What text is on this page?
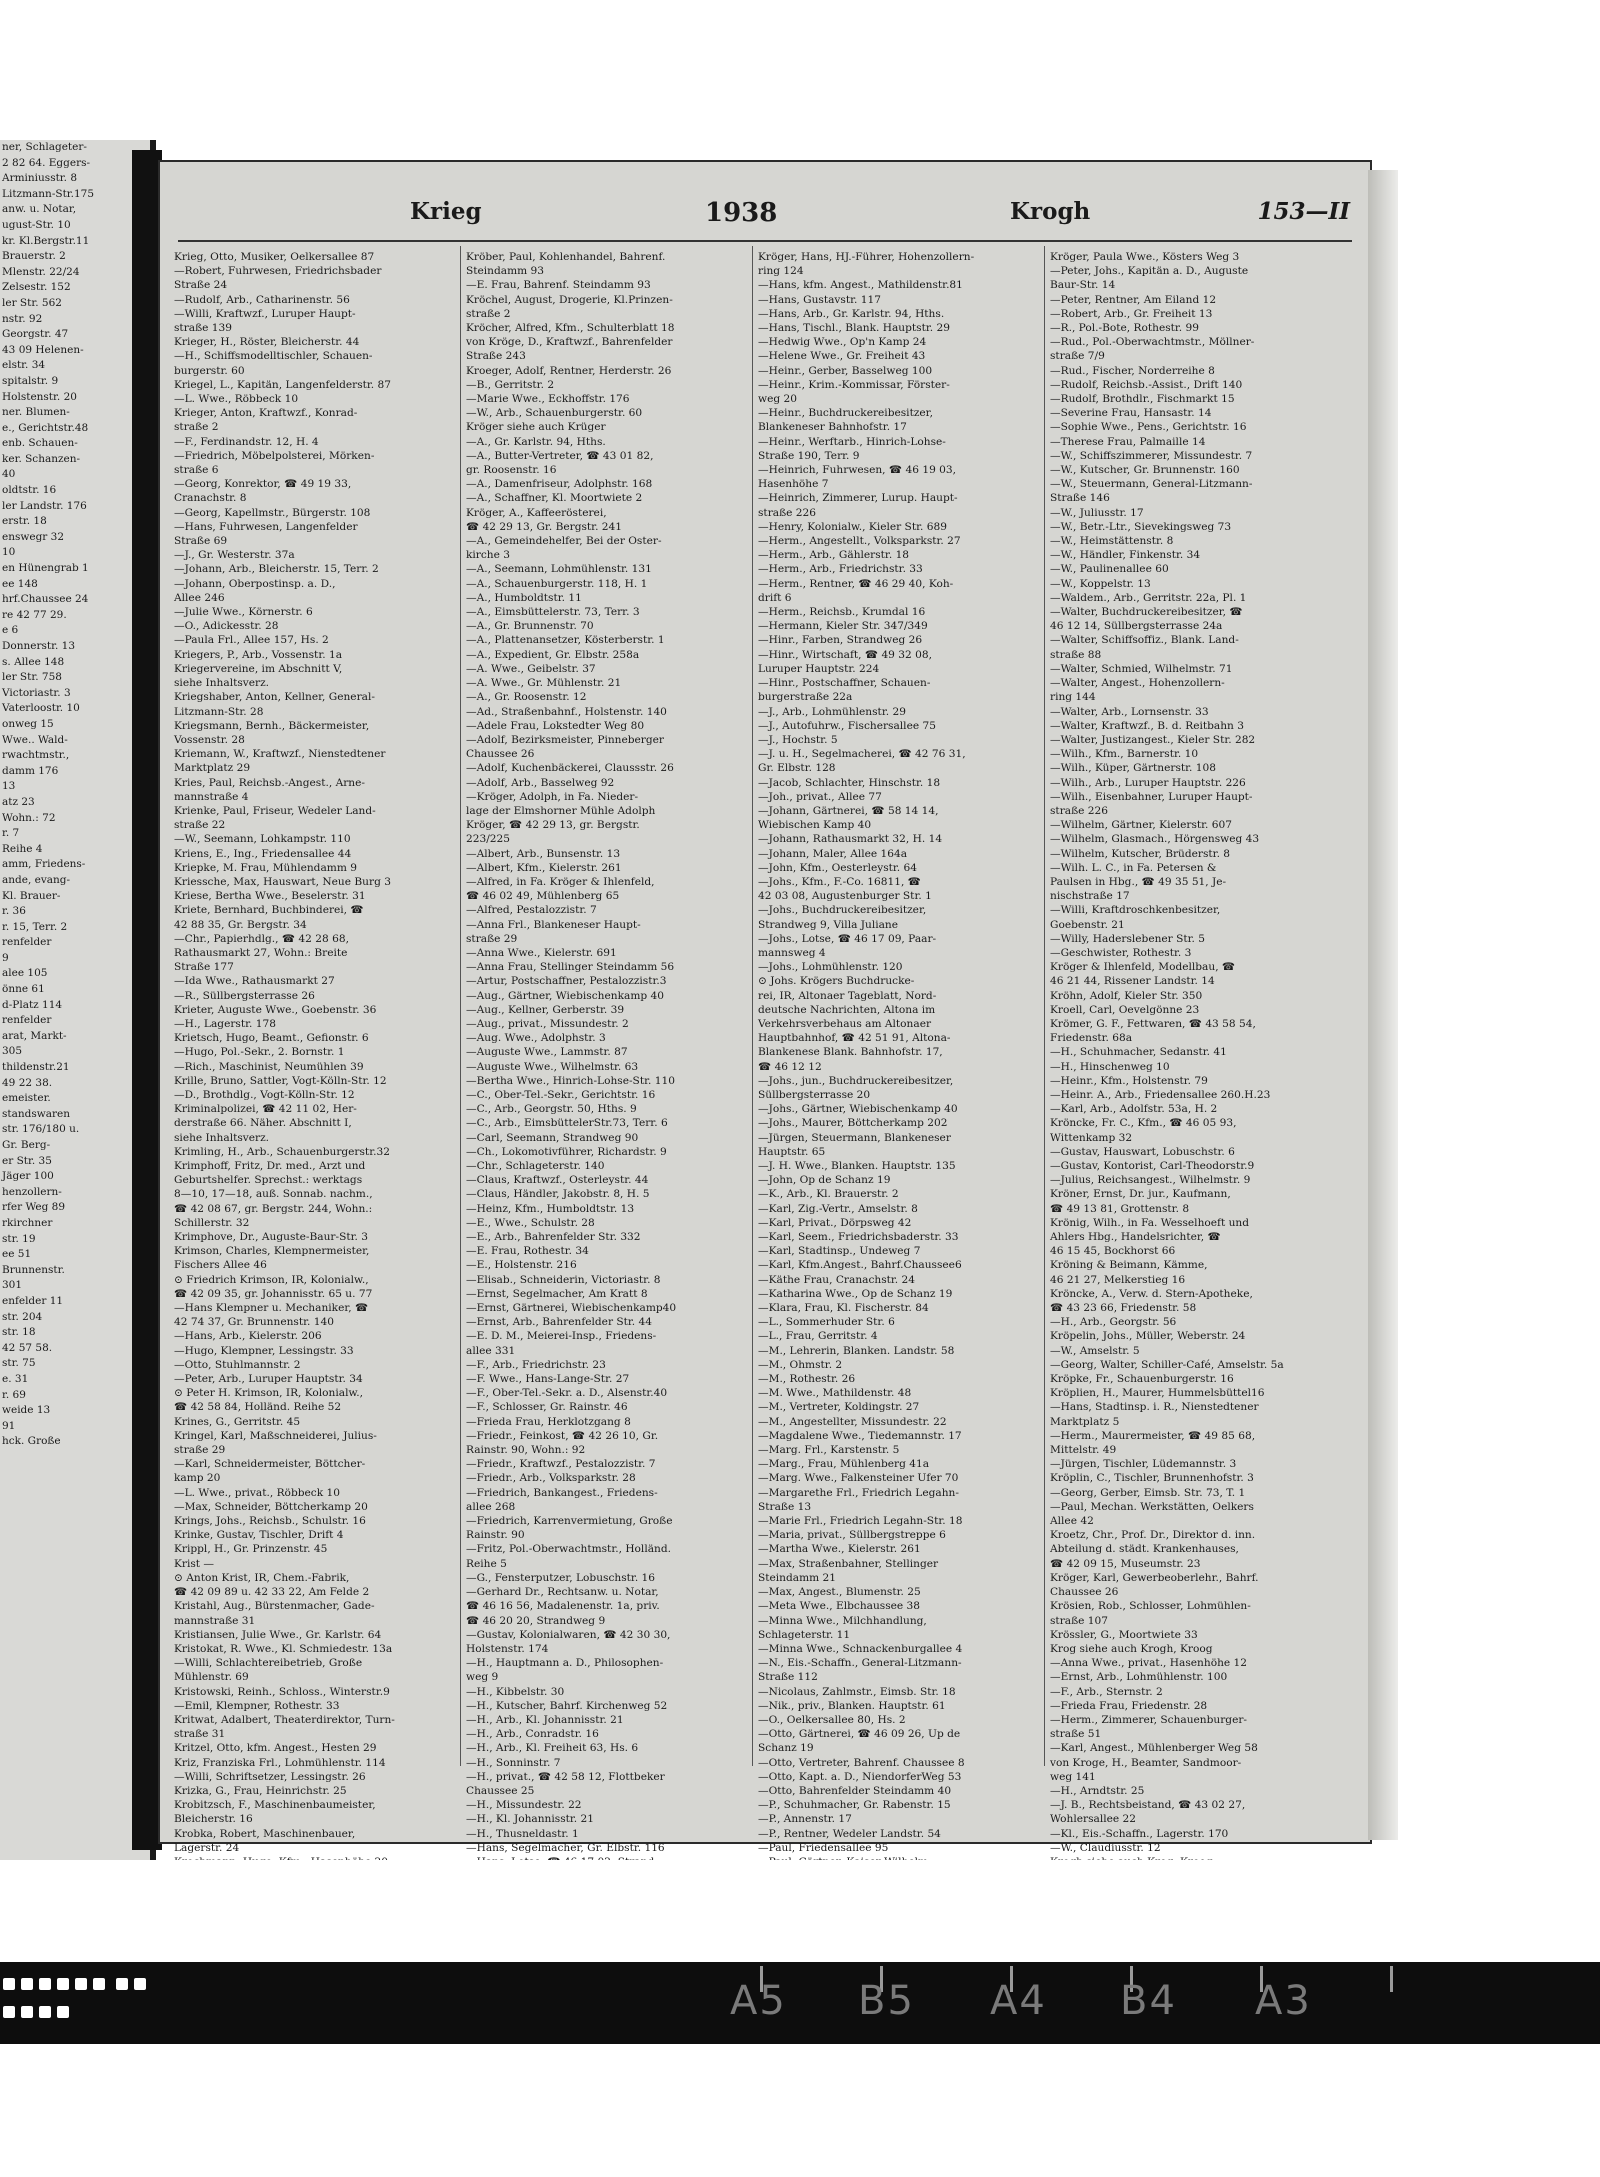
ner, Schlageter-
2 82 64. Eggers-
Arminiusstr. 8
Litzmann-Str.175
anw. u. Notar,
ugust-Str. 10
kr. Kl.Bergstr.11
Brauerstr. 2
Mlenstr. 22/24
Zelsestr. 152
ler Str. 562
nstr. 92
Georgstr. 47
43 09 Helenen-
elstr. 34
spitalstr. 9
Holstenstr. 20
ner. Blumen-
e., Gerichtstr.48
enb. Schauen-
ker. Schanzen-
40
oldtstr. 16
ler Landstr. 176
erstr. 18
enswegr 32
10
en Hünengrab 1
ee 148
hrf.Chaussee 24
re 42 77 29.
e 6
Donnerstr. 13
s. Allee 148
ler Str. 758
Victoriastr. 3
Vaterloostr. 10
onweg 15
Wwe.. Wald-
rwachtmstr.,
damm 176
13
atz 23
Wohn.: 72
r. 7
Reihe 4
amm, Friedens-
ande, evang-
Kl. Brauer-
r. 36
r. 15, Terr. 2
renfelder
9
alee 105
önne 61
d-Platz 114
renfelder
arat, Markt-
305
thildenstr.21
49 22 38.
emeister.
standswaren
str. 176/180 u.
Gr. Berg-
er Str. 35
Jäger 100
henzollern-
rfer Weg 89
rkirchner
str. 19
ee 51
Brunnenstr.
301
enfelder 11
str. 204
str. 18
42 57 58.
str. 75
e. 31
r. 69
weide 13
91
hck. Große
Krieg	1938	Krogh	153—II
Krieg, Otto, Musiker, Oelkersallee 87
—Robert, Fuhrwesen, Friedrichsbader
Straße 24
—Rudolf, Arb., Catharinenstr. 56
—Willi, Kraftwzf., Luruper Haupt-
straße 139
Krieger, H., Röster, Bleicherstr. 44
—H., Schiffsmodelltischler, Schauen-
burgerstr. 60
Kriegel, L., Kapitän, Langenfelderstr. 87
—L. Wwe., Röbbeck 10
Krieger, Anton, Kraftwzf., Konrad-
straße 2
—F., Ferdinandstr. 12, H. 4
—Friedrich, Möbelpolsterei, Mörken-
straße 6
—Georg, Konrektor, ☎ 49 19 33,
Cranachstr. 8
—Georg, Kapellmstr., Bürgerstr. 108
—Hans, Fuhrwesen, Langenfelder
Straße 69
—J., Gr. Westerstr. 37a
—Johann, Arb., Bleicherstr. 15, Terr. 2
—Johann, Oberpostinsp. a. D.,
Allee 246
—Julie Wwe., Körnerstr. 6
—O., Adickesstr. 28
—Paula Frl., Allee 157, Hs. 2
Kriegers, P., Arb., Vossenstr. 1a
Kriegervereine, im Abschnitt V,
siehe Inhaltsverz.
Kriegshaber, Anton, Kellner, General-
Litzmann-Str. 28
Kriegsmann, Bernh., Bäckermeister,
Vossenstr. 28
Kriemann, W., Kraftwzf., Nienstedtener
Marktplatz 29
Kries, Paul, Reichsb.-Angest., Arne-
mannstraße 4
Krienke, Paul, Friseur, Wedeler Land-
straße 22
—W., Seemann, Lohkampstr. 110
Kriens, E., Ing., Friedensallee 44
Kriepke, M. Frau, Mühlendamm 9
Kriessche, Max, Hauswart, Neue Burg 3
Kriese, Bertha Wwe., Beselerstr. 31
Kriete, Bernhard, Buchbinderei, ☎
42 88 35, Gr. Bergstr. 34
—Chr., Papierhdlg., ☎ 42 28 68,
Rathausmarkt 27, Wohn.: Breite
Straße 177
—Ida Wwe., Rathausmarkt 27
—R., Süllbergsterrasse 26
Krieter, Auguste Wwe., Goebenstr. 36
—H., Lagerstr. 178
Krietsch, Hugo, Beamt., Gefionstr. 6
—Hugo, Pol.-Sekr., 2. Bornstr. 1
—Rich., Maschinist, Neumühlen 39
Krille, Bruno, Sattler, Vogt-Kölln-Str. 12
—D., Brothdlg., Vogt-Kölln-Str. 12
Kriminalpolizei, ☎ 42 11 02, Her-
derstraße 66. Näher. Abschnitt I,
siehe Inhaltsverz.
Krimling, H., Arb., Schauenburgerstr.32
Krimphoff, Fritz, Dr. med., Arzt und
Geburtshelfer. Sprechst.: werktags
8—10, 17—18, auß. Sonnab. nachm.,
☎ 42 08 67, gr. Bergstr. 244, Wohn.:
Schillerstr. 32
Krimphove, Dr., Auguste-Baur-Str. 3
Krimson, Charles, Klempnermeister,
Fischers Allee 46
⊙ Friedrich Krimson, IR, Kolonialw.,
☎ 42 09 35, gr. Johannisstr. 65 u. 77
—Hans Klempner u. Mechaniker, ☎
42 74 37, Gr. Brunnenstr. 140
—Hans, Arb., Kielerstr. 206
—Hugo, Klempner, Lessingstr. 33
—Otto, Stuhlmannstr. 2
—Peter, Arb., Luruper Hauptstr. 34
⊙ Peter H. Krimson, IR, Kolonialw.,
☎ 42 58 84, Holländ. Reihe 52
Krines, G., Gerritstr. 45
Kringel, Karl, Maßschneiderei, Julius-
straße 29
—Karl, Schneidermeister, Böttcher-
kamp 20
—L. Wwe., privat., Röbbeck 10
—Max, Schneider, Böttcherkamp 20
Krings, Johs., Reichsb., Schulstr. 16
Krinke, Gustav, Tischler, Drift 4
Krippl, H., Gr. Prinzenstr. 45
Krist —
⊙ Anton Krist, IR, Chem.-Fabrik,
☎ 42 09 89 u. 42 33 22, Am Felde 2
Kristahl, Aug., Bürstenmacher, Gade-
mannstraße 31
Kristiansen, Julie Wwe., Gr. Karlstr. 64
Kristokat, R. Wwe., Kl. Schmiedestr. 13a
—Willi, Schlachtereibetrieb, Große
Mühlenstr. 69
Kristowski, Reinh., Schloss., Winterstr.9
—Emil, Klempner, Rothestr. 33
Kritwat, Adalbert, Theaterdirektor, Turn-
straße 31
Kritzel, Otto, kfm. Angest., Hesten 29
Kriz, Franziska Frl., Lohmühlenstr. 114
—Willi, Schriftsetzer, Lessingstr. 26
Krizka, G., Frau, Heinrichstr. 25
Krobitzsch, F., Maschinenbaumeister,
Bleicherstr. 16
Krobka, Robert, Maschinenbauer,
Lagerstr. 24
Kröber, Paul, Kohlenhandel, Bahrenf.
Steindamm 93
—E. Frau, Bahrenf. Steindamm 93
Kröchel, August, Drogerie, Kl.Prinzen-
straße 2
Kröcher, Alfred, Kfm., Schulterblatt 18
von Kröge, D., Kraftwzf., Bahrenfelder
Straße 243
Kroeger, Adolf, Rentner, Herderstr. 26
—B., Gerritstr. 2
—Marie Wwe., Eckhoffstr. 176
—W., Arb., Schauenburgerstr. 60
Kröger siehe auch Krüger
—A., Gr. Karlstr. 94, Hths.
—A., Butter-Vertreter, ☎ 43 01 82,
gr. Roosenstr. 16
—A., Damenfriseur, Adolphstr. 168
—A., Schaffner, Kl. Moortwiete 2
Kröger, A., Kaffeerösterei,
☎ 42 29 13, Gr. Bergstr. 241
—A., Gemeindehelfer, Bei der Oster-
kirche 3
—A., Seemann, Lohmühlenstr. 131
—A., Schauenburgerstr. 118, H. 1
—A., Humboldtstr. 11
—A., Eimsbüttelerstr. 73, Terr. 3
—A., Gr. Brunnenstr. 70
—A., Plattenansetzer, Kösterberstr. 1
—A., Expedient, Gr. Elbstr. 258a
—A. Wwe., Geibelstr. 37
—A. Wwe., Gr. Mühlenstr. 21
—A., Gr. Roosenstr. 12
—Ad., Straßenbahnf., Holstenstr. 140
—Adele Frau, Lokstedter Weg 80
—Adolf, Bezirksmeister, Pinneberger
Chaussee 26
—Adolf, Kuchenbäckerei, Claussstr. 26
—Adolf, Arb., Basselweg 92
—Kröger, Adolph, in Fa. Nieder-
lage der Elmshorner Mühle Adolph
Kröger, ☎ 42 29 13, gr. Bergstr.
223/225
—Albert, Arb., Bunsenstr. 13
—Albert, Kfm., Kielerstr. 261
—Alfred, in Fa. Kröger & Ihlenfeld,
☎ 46 02 49, Mühlenberg 65
—Alfred, Pestalozzistr. 7
—Anna Frl., Blankeneser Haupt-
straße 29
—Anna Wwe., Kielerstr. 691
—Anna Frau, Stellinger Steindamm 56
—Artur, Postschaffner, Pestalozzistr.3
—Aug., Gärtner, Wiebischenkamp 40
—Aug., Kellner, Gerberstr. 39
—Aug., privat., Missundestr. 2
—Aug. Wwe., Adolphstr. 3
—Auguste Wwe., Lammstr. 87
—Auguste Wwe., Wilhelmstr. 63
—Bertha Wwe., Hinrich-Lohse-Str. 110
—C., Ober-Tel.-Sekr., Gerichtstr. 16
—C., Arb., Georgstr. 50, Hths. 9
—C., Arb., EimsbüttelerStr.73, Terr. 6
—Carl, Seemann, Strandweg 90
—Ch., Lokomotivführer, Richardstr. 9
—Chr., Schlageterstr. 140
—Claus, Kraftwzf., Osterleystr. 44
—Claus, Händler, Jakobstr. 8, H. 5
—Heinz, Kfm., Humboldtstr. 13
—E., Wwe., Schulstr. 28
—E., Arb., Bahrenfelder Str. 332
—E. Frau, Rothestr. 34
—E., Holstenstr. 216
—Elisab., Schneiderin, Victoriastr. 8
—Ernst, Segelmacher, Am Kratt 8
—Ernst, Gärtnerei, Wiebischenkamp40
—Ernst, Arb., Bahrenfelder Str. 44
—E. D. M., Meierei-Insp., Friedens-
allee 331
—F., Arb., Friedrichstr. 23
—F. Wwe., Hans-Lange-Str. 27
—F., Ober-Tel.-Sekr. a. D., Alsenstr.40
—F., Schlosser, Gr. Rainstr. 46
—Frieda Frau, Herklotzgang 8
—Friedr., Feinkost, ☎ 42 26 10, Gr.
Rainstr. 90, Wohn.: 92
—Friedr., Kraftwzf., Pestalozzistr. 7
—Friedr., Arb., Volksparkstr. 28
—Friedrich, Bankangest., Friedens-
allee 268
—Friedrich, Karrenvermietung, Große
Rainstr. 90
—Fritz, Pol.-Oberwachtmstr., Holländ.
Reihe 5
—G., Fensterputzer, Lobuschstr. 16
—Gerhard Dr., Rechtsanw. u. Notar,
☎ 46 16 56, Madalenenstr. 1a, priv.
☎ 46 20 20, Strandweg 9
—Gustav, Kolonialwaren, ☎ 42 30 30,
Holstenstr. 174
—H., Hauptmann a. D., Philosophen-
weg 9
—H., Kibbelstr. 30
—H., Kutscher, Bahrf. Kirchenweg 52
—H., Arb., Kl. Johannisstr. 21
—H., Arb., Conradstr. 16
—H., Arb., Kl. Freiheit 63, Hs. 6
—H., Sonninstr. 7
—H., privat., ☎ 42 58 12, Flottbeker
Chaussee 25
—H., Missundestr. 22
—H., Kl. Johannisstr. 21
—H., Thusneldastr. 1
—Hans, Segelmacher, Gr. Elbstr. 116
Kröger, Hans, HJ.-Führer, Hohenzollern-
ring 124
—Hans, kfm. Angest., Mathildenstr.81
—Hans, Gustavstr. 117
—Hans, Arb., Gr. Karlstr. 94, Hths.
—Hans, Tischl., Blank. Hauptstr. 29
—Hedwig Wwe., Op'n Kamp 24
—Helene Wwe., Gr. Freiheit 43
—Heinr., Gerber, Basselweg 100
—Heinr., Krim.-Kommissar, Förster-
weg 20
—Heinr., Buchdruckereibesitzer,
Blankeneser Bahnhofstr. 17
—Heinr., Werftarb., Hinrich-Lohse-
Straße 190, Terr. 9
—Heinrich, Fuhrwesen, ☎ 46 19 03,
Hasenhöhe 7
—Heinrich, Zimmerer, Lurup. Haupt-
straße 226
—Henry, Kolonialw., Kieler Str. 689
—Herm., Angestellt., Volksparkstr. 27
—Herm., Arb., Gählerstr. 18
—Herm., Arb., Friedrichstr. 33
—Herm., Rentner, ☎ 46 29 40, Koh-
drift 6
—Herm., Reichsb., Krumdal 16
—Hermann, Kieler Str. 347/349
—Hinr., Farben, Strandweg 26
—Hinr., Wirtschaft, ☎ 49 32 08,
Luruper Hauptstr. 224
—Hinr., Postschaffner, Schauen-
burgerstraße 22a
—J., Arb., Lohmühlenstr. 29
—J., Autofuhrw., Fischersallee 75
—J., Hochstr. 5
—J. u. H., Segelmacherei, ☎ 42 76 31,
Gr. Elbstr. 128
—Jacob, Schlachter, Hinschstr. 18
—Joh., privat., Allee 77
—Johann, Gärtnerei, ☎ 58 14 14,
Wiebischen Kamp 40
—Johann, Rathausmarkt 32, H. 14
—Johann, Maler, Allee 164a
—John, Kfm., Oesterleystr. 64
—Johs., Kfm., F.-Co. 16811, ☎
42 03 08, Augustenburger Str. 1
—Johs., Buchdruckereibesitzer,
Strandweg 9, Villa Juliane
—Johs., Lotse, ☎ 46 17 09, Paar-
mannsweg 4
—Johs., Lohmühlenstr. 120
⊙ Johs. Krögers Buchdrucke-
rei, IR, Altonaer Tageblatt, Nord-
deutsche Nachrichten, Altona im
Verkehrsverbehaus am Altonaer
Hauptbahnhof, ☎ 42 51 91, Altona-
Blankenese Blank. Bahnhofstr. 17,
☎ 46 12 12
—Johs., jun., Buchdruckereibesitzer,
Süllbergsterrasse 20
—Johs., Gärtner, Wiebischenkamp 40
—Johs., Maurer, Böttcherkamp 202
—Jürgen, Steuermann, Blankeneser
Hauptstr. 65
—J. H. Wwe., Blanken. Hauptstr. 135
—John, Op de Schanz 19
—K., Arb., Kl. Brauerstr. 2
—Karl, Zig.-Vertr., Amselstr. 8
—Karl, Privat., Dörpsweg 42
—Karl, Seem., Friedrichsbaderstr. 33
—Karl, Stadtinsp., Undeweg 7
—Karl, Kfm.Angest., Bahrf.Chaussee6
—Käthe Frau, Cranachstr. 24
—Katharina Wwe., Op de Schanz 19
—Klara, Frau, Kl. Fischerstr. 84
—L., Sommerhuder Str. 6
—L., Frau, Gerritstr. 4
—M., Lehrerin, Blanken. Landstr. 58
—M., Ohmstr. 2
—M., Rothestr. 26
—M. Wwe., Mathildenstr. 48
—M., Vertreter, Koldingstr. 27
—M., Angestellter, Missundestr. 22
—Magdalene Wwe., Tiedemannstr. 17
—Marg. Frl., Karstenstr. 5
—Marg., Frau, Mühlenberg 41a
—Marg. Wwe., Falkensteiner Ufer 70
—Margarethe Frl., Friedrich Legahn-
Straße 13
—Marie Frl., Friedrich Legahn-Str. 18
—Maria, privat., Süllbergstreppe 6
—Martha Wwe., Kielerstr. 261
—Max, Straßenbahner, Stellinger
Steindamm 21
—Max, Angest., Blumenstr. 25
—Meta Wwe., Elbchaussee 38
—Minna Wwe., Milchhandlung,
Schlageterstr. 11
—Minna Wwe., Schnackenburgallee 4
—N., Eis.-Schaffn., General-Litzmann-
Straße 112
—Nicolaus, Zahlmstr., Eimsb. Str. 18
—Nik., priv., Blanken. Hauptstr. 61
—O., Oelkersallee 80, Hs. 2
—Otto, Gärtnerei, ☎ 46 09 26, Up de
Schanz 19
—Otto, Vertreter, Bahrenf. Chaussee 8
—Otto, Kapt. a. D., NiendorferWeg 53
—Otto, Bahrenfelder Steindamm 40
—P., Schuhmacher, Gr. Rabenstr. 15
—P., Annenstr. 17
—P., Rentner, Wedeler Landstr. 54
—Paul, Friedensallee 95
Kröger, Paula Wwe., Kösters Weg 3
—Peter, Johs., Kapitän a. D., Auguste
Baur-Str. 14
—Peter, Rentner, Am Eiland 12
—Robert, Arb., Gr. Freiheit 13
—R., Pol.-Bote, Rothestr. 99
—Rud., Pol.-Oberwachtmstr., Möllner-
straße 7/9
—Rud., Fischer, Norderreihe 8
—Rudolf, Reichsb.-Assist., Drift 140
—Rudolf, Brothdlr., Fischmarkt 15
—Severine Frau, Hansastr. 14
—Sophie Wwe., Pens., Gerichtstr. 16
—Therese Frau, Palmaille 14
—W., Schiffszimmerer, Missundestr. 7
—W., Kutscher, Gr. Brunnenstr. 160
—W., Steuermann, General-Litzmann-
Straße 146
—W., Juliusstr. 17
—W., Betr.-Ltr., Sievekingsweg 73
—W., Heimstättenstr. 8
—W., Händler, Finkenstr. 34
—W., Paulinenallee 60
—W., Koppelstr. 13
—Waldem., Arb., Gerritstr. 22a, Pl. 1
—Walter, Buchdruckereibesitzer, ☎
46 12 14, Süllbergsterrasse 24a
—Walter, Schiffsoffiz., Blank. Land-
straße 88
—Walter, Schmied, Wilhelmstr. 71
—Walter, Angest., Hohenzollern-
ring 144
—Walter, Arb., Lornsenstr. 33
—Walter, Kraftwzf., B. d. Reitbahn 3
—Walter, Justizangest., Kieler Str. 282
—Wilh., Kfm., Barnerstr. 10
—Wilh., Küper, Gärtnerstr. 108
—Wilh., Arb., Luruper Hauptstr. 226
—Wilh., Eisenbahner, Luruper Haupt-
straße 226
—Wilhelm, Gärtner, Kielerstr. 607
—Wilhelm, Glasmach., Hörgensweg 43
—Wilhelm, Kutscher, Brüderstr. 8
—Wilh. L. C., in Fa. Petersen &
Paulsen in Hbg., ☎ 49 35 51, Je-
nischstraße 17
—Willi, Kraftdroschkenbesitzer,
Goebenstr. 21
—Willy, Haderslebener Str. 5
—Geschwister, Rothestr. 3
Kröger & Ihlenfeld, Modellbau, ☎
46 21 44, Rissener Landstr. 14
Kröhn, Adolf, Kieler Str. 350
Kroell, Carl, Oevelgönne 23
Krömer, G. F., Fettwaren, ☎ 43 58 54,
Friedenstr. 68a
—H., Schuhmacher, Sedanstr. 41
—H., Hinschenweg 10
—Heinr., Kfm., Holstenstr. 79
—Heinr. A., Arb., Friedensallee 260.H.23
—Karl, Arb., Adolfstr. 53a, H. 2
Kröncke, Fr. C., Kfm., ☎ 46 05 93,
Wittenkamp 32
—Gustav, Hauswart, Lobuschstr. 6
—Gustav, Kontorist, Carl-Theodorstr.9
—Julius, Reichsangest., Wilhelmstr. 9
Kröner, Ernst, Dr. jur., Kaufmann,
☎ 49 13 81, Grottenstr. 8
Krönig, Wilh., in Fa. Wesselhoeft und
Ahlers Hbg., Handelsrichter, ☎
46 15 45, Bockhorst 66
Kröning & Beimann, Kämme,
46 21 27, Melkerstieg 16
Kröncke, A., Verw. d. Stern-Apotheke,
☎ 43 23 66, Friedenstr. 58
—H., Arb., Georgstr. 56
Kröpelin, Johs., Müller, Weberstr. 24
—W., Amselstr. 5
—Georg, Walter, Schiller-Café, Amselstr. 5a
Kröpke, Fr., Schauenburgerstr. 16
Kröplien, H., Maurer, Hummelsbüttel16
—Hans, Stadtinsp. i. R., Nienstedtener
Marktplatz 5
—Herm., Maurermeister, ☎ 49 85 68,
Mittelstr. 49
—Jürgen, Tischler, Lüdemannstr. 3
Kröplin, C., Tischler, Brunnenhofstr. 3
—Georg, Gerber, Eimsb. Str. 73, T. 1
—Paul, Mechan. Werkstätten, Oelkers
Allee 42
Kroetz, Chr., Prof. Dr., Direktor d. inn.
Abteilung d. städt. Krankenhauses,
☎ 42 09 15, Museumstr. 23
Kröger, Karl, Gewerbeoberlehr., Bahrf.
Chaussee 26
Krösien, Rob., Schlosser, Lohmühlen-
straße 107
Krössler, G., Moortwiete 33
Krog siehe auch Krogh, Kroog
—Anna Wwe., privat., Hasenhöhe 12
—Ernst, Arb., Lohmühlenstr. 100
—F., Arb., Sternstr. 2
—Frieda Frau, Friedenstr. 28
—Herm., Zimmerer, Schauenburger-
straße 51
—Karl, Angest., Mühlenberger Weg 58
von Kroge, H., Beamter, Sandmoor-
weg 141
—H., Arndtstr. 25
—J. B., Rechtsbeistand, ☎ 43 02 27,
Wohlersallee 22
—Kl., Eis.-Schaffn., Lagerstr. 170
—W., Claudiusstr. 12

A5 B5 A4 B4 A3
